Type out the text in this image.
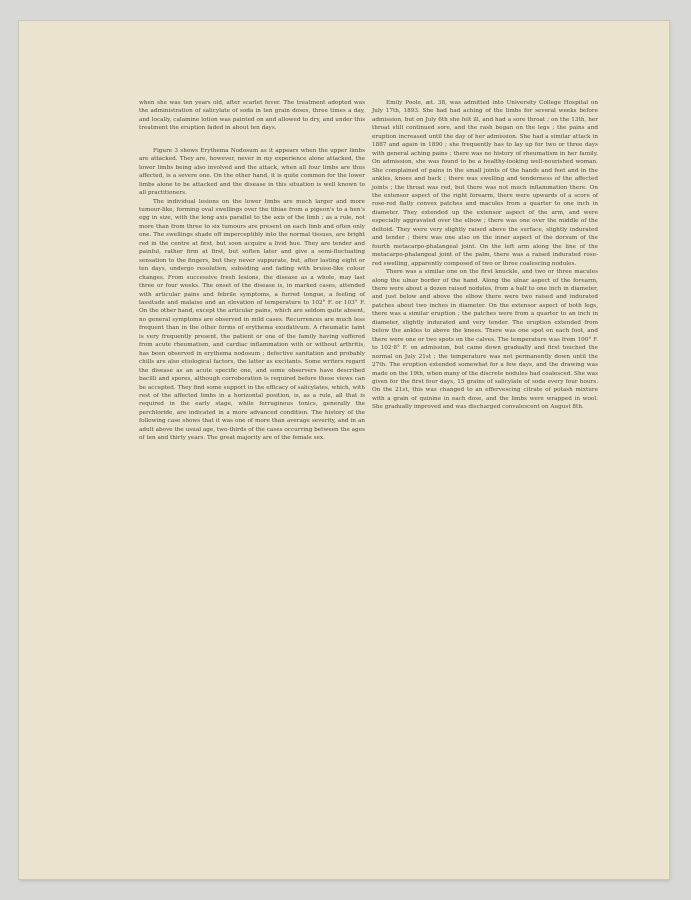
when she was ten years old, after scarlet fever. The treatment adopted was the administration of salicylate of soda in ten grain doses, three times a day, and locally, calamine lotion was painted on and allowed to dry, and under this treatment the eruption faded in about ten days.

Figure 3 shows Erythema Nodosum as it appears when the upper limbs are attacked. They are, however, never in my experience alone attacked, the lower limbs being also involved and the attack, when all four limbs are thus affected, is a severe one. On the other hand, it is quite common for the lower limbs alone to be attacked and the disease in this situation is well known to all practitioners.

The individual lesions on the lower limbs are much larger and more tumour-like, forming oval swellings over the tibiae from a pigeon's to a hen's egg in size, with the long axis parallel to the axis of the limb ; as a rule, not more than from three to six tumours are present on each limb and often only one. The swellings shade off imperceptibly into the normal tissues, are bright red in the centre at first, but soon acquire a livid hue. They are tender and painful, rather firm at first, but soften later and give a semi-fluctuating sensation to the fingers, but they never suppurate, but, after lasting eight or ten days, undergo resolution, subsiding and fading with bruise-like colour changes. From successive fresh lesions, the disease as a whole, may last three or four weeks. The onset of the disease is, in marked cases, attended with articular pains and febrile symptoms, a furred tongue, a feeling of lassitude and malaise and an elevation of temperature to 102° F. or 103° F. On the other hand, except the articular pains, which are seldom quite absent, no general symptoms are observed in mild cases. Recurrences are much less frequent than in the other forms of erythema exudativum. A rheumatic taint is very frequently present, the patient or one of the family having suffered from acute rheumatism, and cardiac inflammation with or without arthritis, has been observed in erythema nodosum ; defective sanitation and probably chills are also etiological factors, the latter as excitants. Some writers regard the disease as an acute specific one, and some observers have described bacilli and spores, although corroboration is required before these views can be accepted. They find some support in the efficacy of salicylates, which, with rest of the affected limbs in a horizontal position, is, as a rule, all that is required in the early stage, while ferruginous tonics, generally the perchloride, are indicated in a more advanced condition. The history of the following case shows that it was one of more than average severity, and in an adult above the usual age, two-thirds of the cases occurring between the ages of ten and thirty years. The great majority are of the female sex.

Emily Poole, æt. 38, was admitted into University College Hospital on July 17th, 1893. She had had aching of the limbs for several weeks before admission, but on July 6th she felt ill, and had a sore throat ; on the 13th, her throat still continued sore, and the rash began on the legs ; the pains and eruption increased until the day of her admission. She had a similar attack in 1887 and again in 1890 ; she frequently has to lay up for two or three days with general aching pains ; there was no history of rheumatism in her family. On admission, she was found to be a healthy-looking well-nourished woman. She complained of pains in the small joints of the hands and feet and in the ankles, knees and back ; there was swelling and tenderness of the affected joints ; the throat was red, but there was not much inflammation there. On the extensor aspect of the right forearm, there were upwards of a score of rose-red flatly convex patches and macules from a quarter to one inch in diameter. They extended up the extensor aspect of the arm, and were especially aggravated over the elbow ; there was one over the middle of the deltoid. They were very slightly raised above the surface, slightly indurated and tender ; there was one also on the inner aspect of the dorsum of the fourth metacarpo-phalangeal joint. On the left arm along the line of the metacarpo-phalangeal joint of the palm, there was a raised indurated rose-red swelling, apparently composed of two or three coalescing nodules.

There was a similar one on the first knuckle, and two or three macules along the ulnar border of the hand. Along the ulnar aspect of the forearm, there were about a dozen raised nodules, from a half to one inch in diameter, and just below and above the elbow there were two raised and indurated patches about two inches in diameter. On the extensor aspect of both legs, there was a similar eruption ; the patches were from a quarter to an inch in diameter, slightly indurated and very tender. The eruption extended from below the ankles to above the knees. There was one spot on each foot, and there were one or two spots on the calves. The temperature was from 100° F. to 102·8° F. on admission, but came down gradually and first touched the normal on July 21st ; the temperature was not permanently down until the 27th. The eruption extended somewhat for a few days, and the drawing was made on the 19th, when many of the discrete nodules had coalesced. She was given for the first four days, 15 grains of salicylate of soda every four hours. On the 21st, this was changed to an effervescing citrate of potash mixture with a grain of quinine in each dose, and the limbs were wrapped in wool. She gradually improved and was discharged convalescent on August 8th.
